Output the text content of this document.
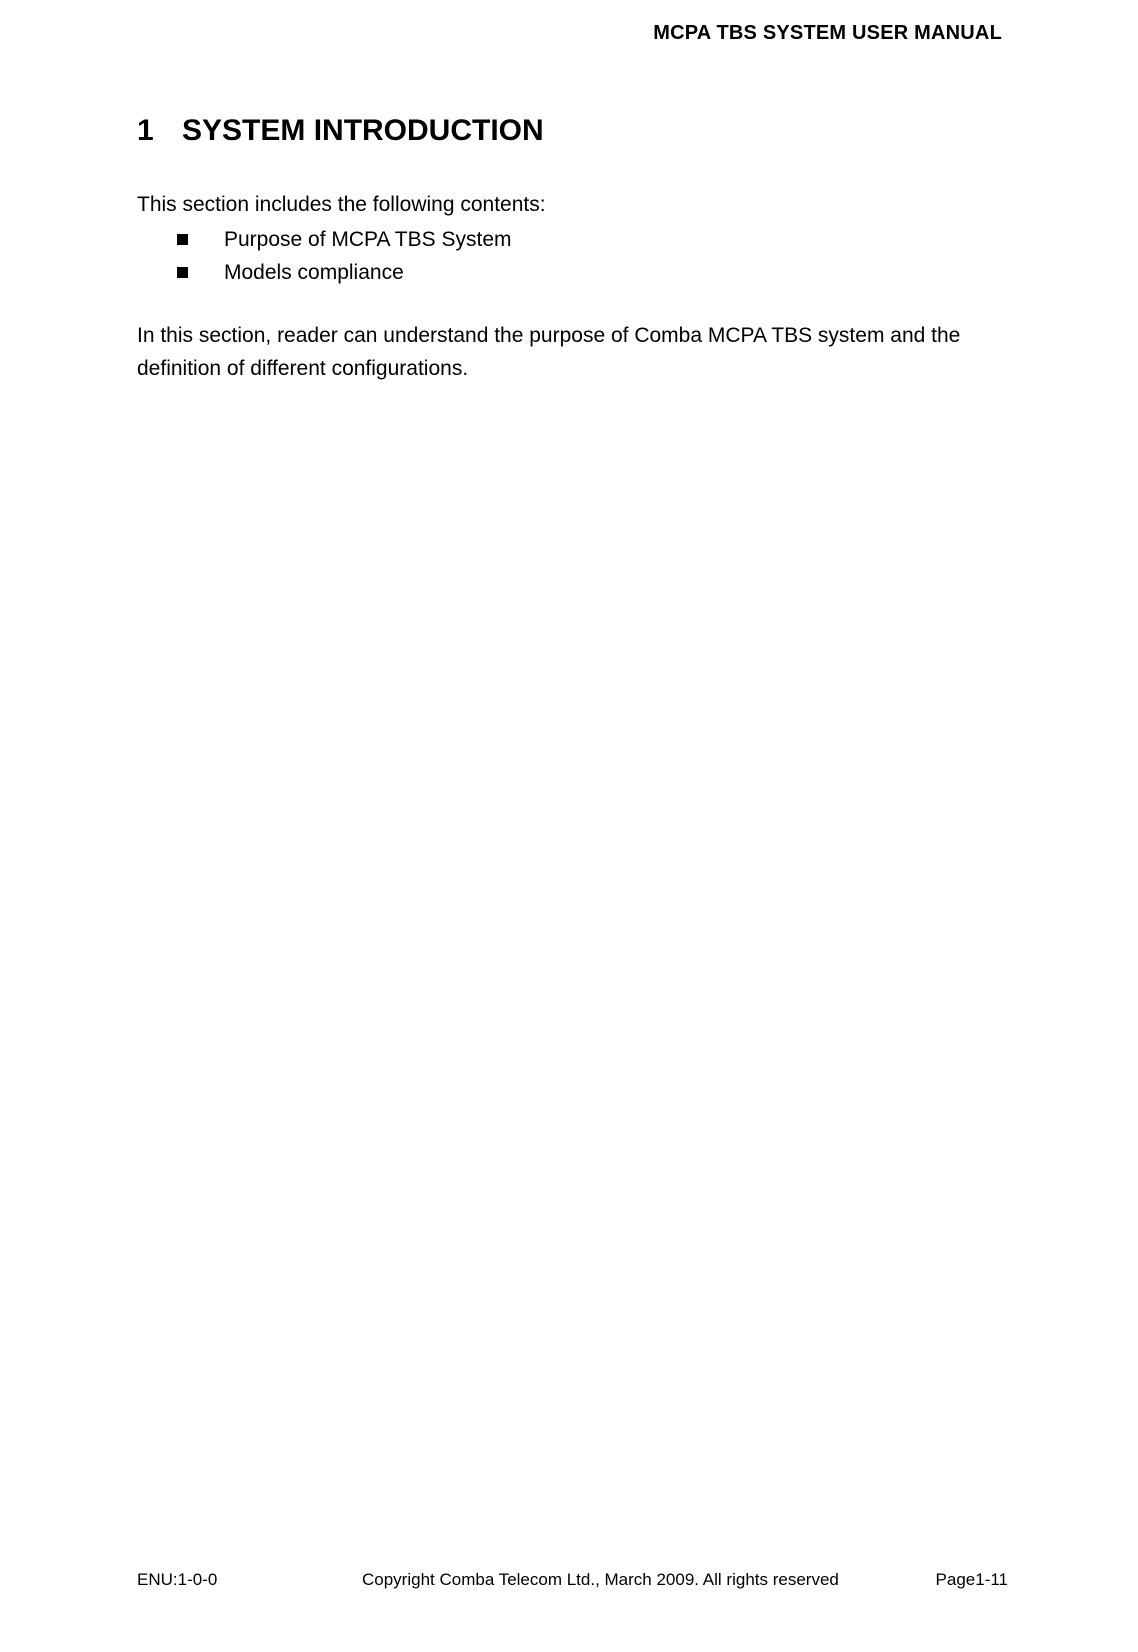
MCPA TBS SYSTEM USER MANUAL
1 SYSTEM INTRODUCTION

This section includes the following contents:

Purpose of MCPA TBS System
Models compliance

In this section, reader can understand the purpose of Comba MCPA TBS system and the definition of different configurations.

ENU:1-0-0	Copyright Comba Telecom Ltd., March 2009. All rights reserved	Page1-11
